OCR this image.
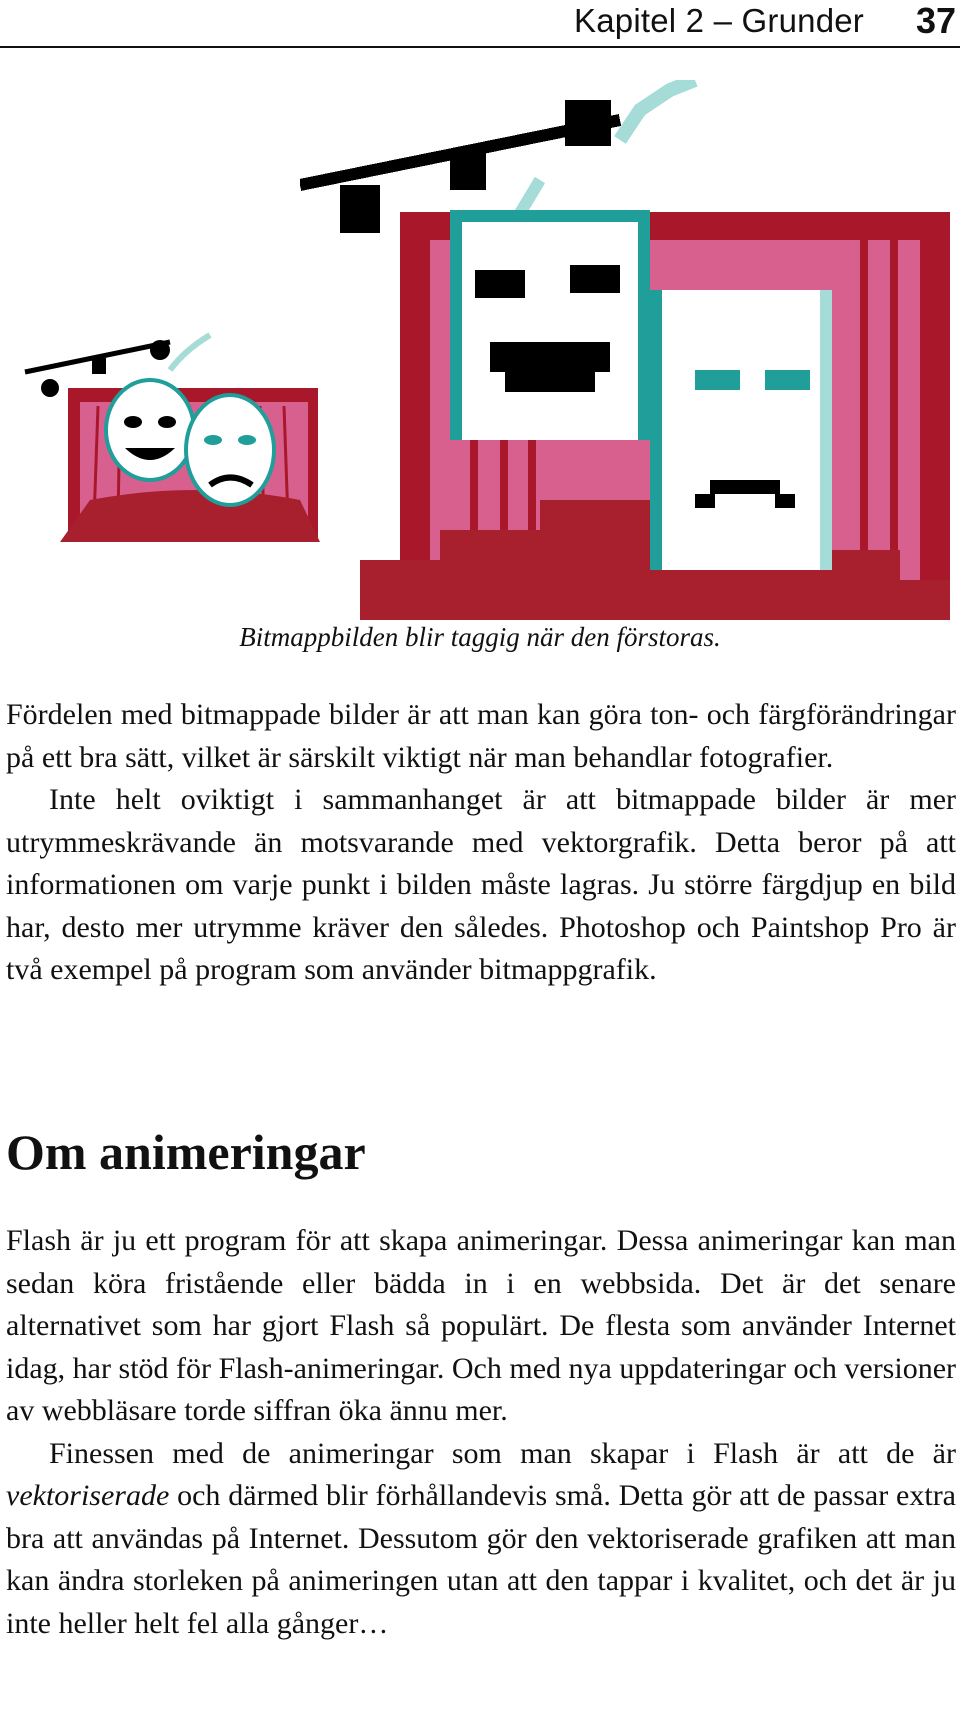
Kapitel 2 – Grunder 37
Bitmappbilden blir taggig när den förstoras.

Fördelen med bitmappade bilder är att man kan göra ton- och färgförändringar på ett bra sätt, vilket är särskilt viktigt när man behandlar fotografier.

Inte helt oviktigt i sammanhanget är att bitmappade bilder är mer utrymmeskrävande än motsvarande med vektorgrafik. Detta beror på att informationen om varje punkt i bilden måste lagras. Ju större färgdjup en bild har, desto mer utrymme kräver den således. Photoshop och Paintshop Pro är två exempel på program som använder bitmappgrafik.

Om animeringar

Flash är ju ett program för att skapa animeringar. Dessa animeringar kan man sedan köra fristående eller bädda in i en webbsida. Det är det senare alternativet som har gjort Flash så populärt. De flesta som använder Internet idag, har stöd för Flash-animeringar. Och med nya uppdateringar och versioner av webbläsare torde siffran öka ännu mer.

Finessen med de animeringar som man skapar i Flash är att de är vektoriserade och därmed blir förhållandevis små. Detta gör att de passar extra bra att användas på Internet. Dessutom gör den vektoriserade grafiken att man kan ändra storleken på animeringen utan att den tappar i kvalitet, och det är ju inte heller helt fel alla gånger…
